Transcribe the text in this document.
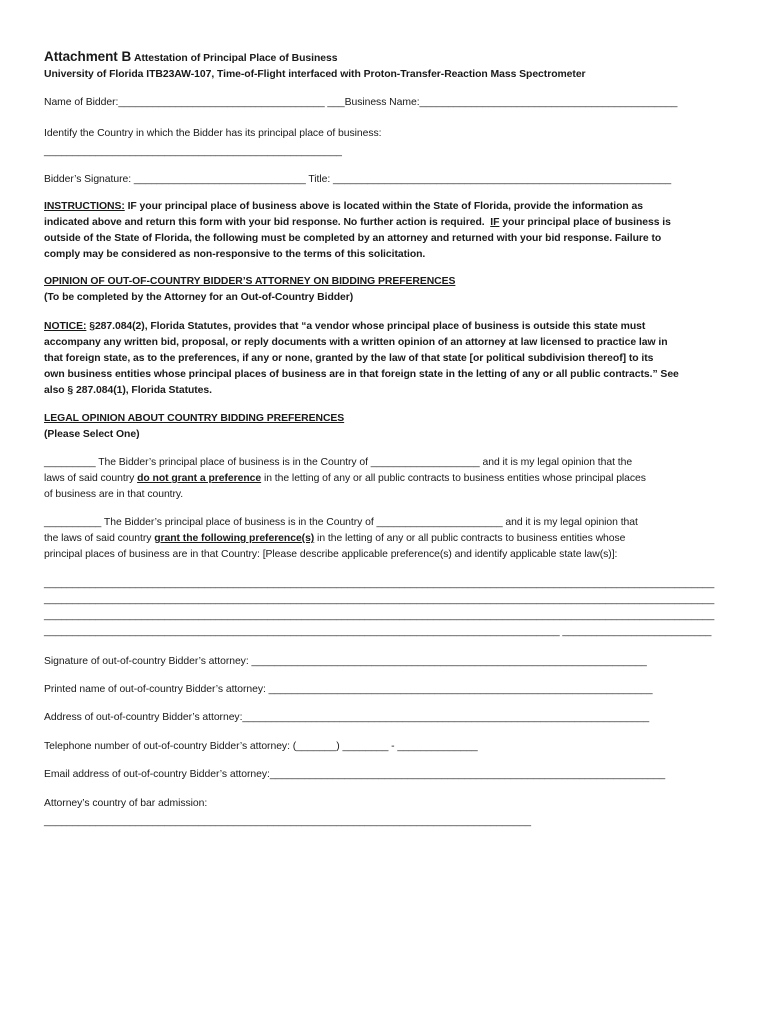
Attachment B Attestation of Principal Place of Business
University of Florida ITB23AW-107, Time-of-Flight interfaced with Proton-Transfer-Reaction Mass Spectrometer
Name of Bidder:____________________________________ ___Business Name:_____________________________________________
Identify the Country in which the Bidder has its principal place of business:
____________________________________________________
Bidder’s Signature: ______________________________ Title: ___________________________________________________________
INSTRUCTIONS: IF your principal place of business above is located within the State of Florida, provide the information as
indicated above and return this form with your bid response. No further action is required. IF your principal place of business is
outside of the State of Florida, the following must be completed by an attorney and returned with your bid response. Failure to
comply may be considered as non-responsive to the terms of this solicitation.
OPINION OF OUT-OF-COUNTRY BIDDER’S ATTORNEY ON BIDDING PREFERENCES
(To be completed by the Attorney for an Out-of-Country Bidder)
NOTICE: §287.084(2), Florida Statutes, provides that “a vendor whose principal place of business is outside this state must
accompany any written bid, proposal, or reply documents with a written opinion of an attorney at law licensed to practice law in
that foreign state, as to the preferences, if any or none, granted by the law of that state [or political subdivision thereof] to its
own business entities whose principal places of business are in that foreign state in the letting of any or all public contracts.” See
also § 287.084(1), Florida Statutes.
LEGAL OPINION ABOUT COUNTRY BIDDING PREFERENCES
(Please Select One)
_________ The Bidder’s principal place of business is in the Country of ___________________ and it is my legal opinion that the
laws of said country do not grant a preference in the letting of any or all public contracts to business entities whose principal places
of business are in that country.
__________ The Bidder’s principal place of business is in the Country of ______________________ and it is my legal opinion that
the laws of said country grant the following preference(s) in the letting of any or all public contracts to business entities whose
principal places of business are in that Country: [Please describe applicable preference(s) and identify applicable state law(s)]:
_____________________________________________________________________________________________________________________
_____________________________________________________________________________________________________________________
_____________________________________________________________________________________________________________________
__________________________________________________________________________________________ __________________________
Signature of out-of-country Bidder’s attorney: _____________________________________________________________________
Printed name of out-of-country Bidder’s attorney: ___________________________________________________________________
Address of out-of-country Bidder’s attorney:_______________________________________________________________________
Telephone number of out-of-country Bidder’s attorney: (_______) ________ - ______________
Email address of out-of-country Bidder’s attorney:_____________________________________________________________________
Attorney’s country of bar admission:
_____________________________________________________________________________________
